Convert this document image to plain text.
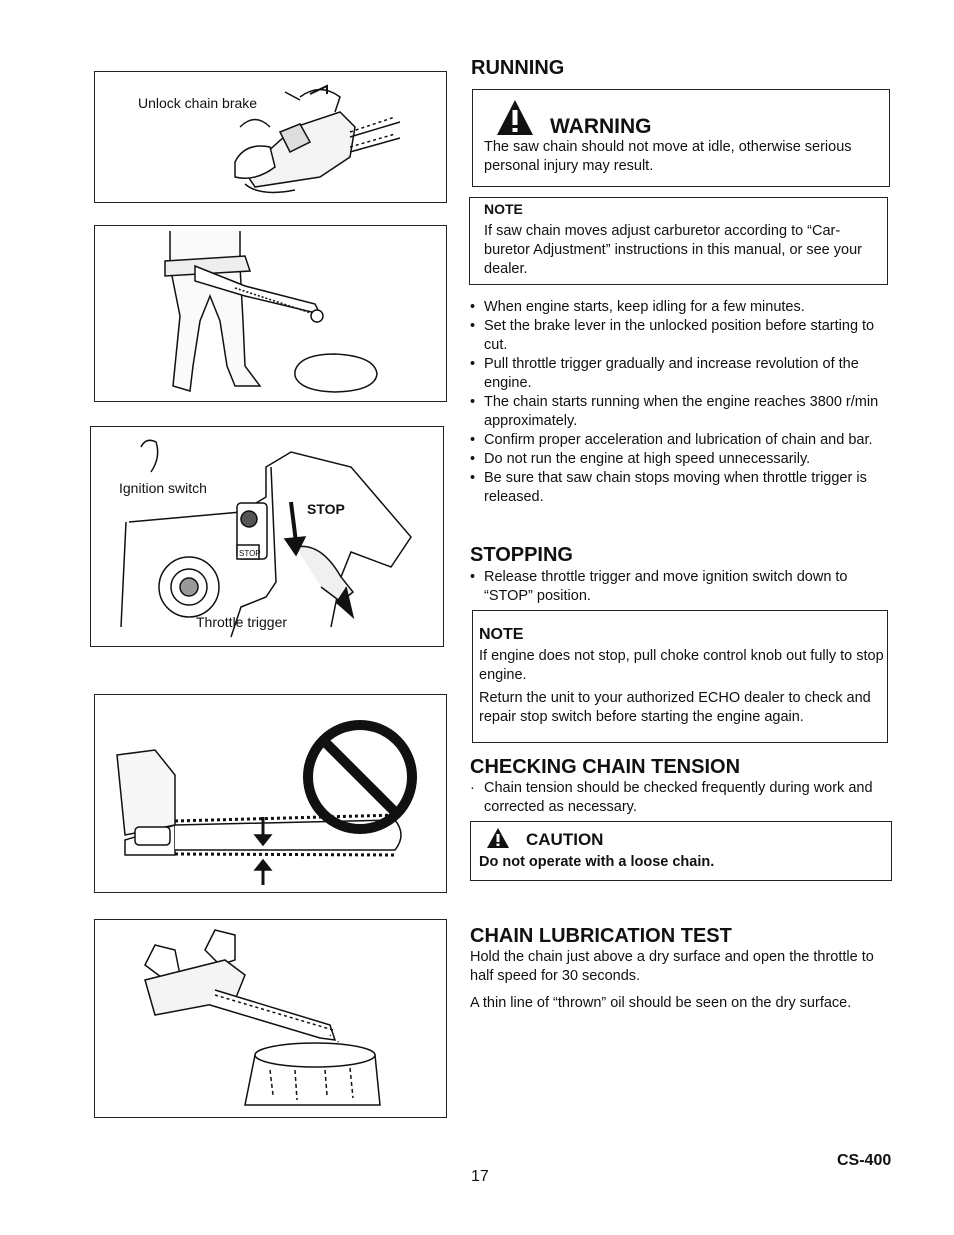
Unlock chain brake
STOP
Ignition switch
STOP
Throttle trigger
RUNNING
WARNING
The saw chain should not move at idle, otherwise serious personal injury may result.
NOTE
If saw chain moves adjust carburetor according to “Car-buretor Adjustment” instructions in this manual, or see your dealer.
• When engine starts, keep idling for a few minutes.
• Set the brake lever in the unlocked position before starting to cut.
• Pull throttle trigger gradually and increase revolution of the engine.
• The chain starts running when the engine reaches 3800 r/min approximately.
• Confirm proper acceleration and lubrication of chain and bar.
• Do not run the engine at high speed unnecessarily.
• Be sure that saw chain stops moving when throttle trigger is released.
STOPPING
• Release throttle trigger and move ignition switch down to “STOP” position.
NOTE
If engine does not stop, pull choke control knob out fully to stop engine.
Return the unit to your authorized ECHO dealer to check and repair stop switch before starting the engine again.
CHECKING CHAIN TENSION
· Chain tension should be checked frequently during work and corrected as necessary.
CAUTION
Do not operate with a loose chain.
CHAIN LUBRICATION TEST

Hold the chain just above a dry surface and open the throttle to half speed for 30 seconds.

A thin line of “thrown” oil should be seen on the dry surface.

17
CS-400
